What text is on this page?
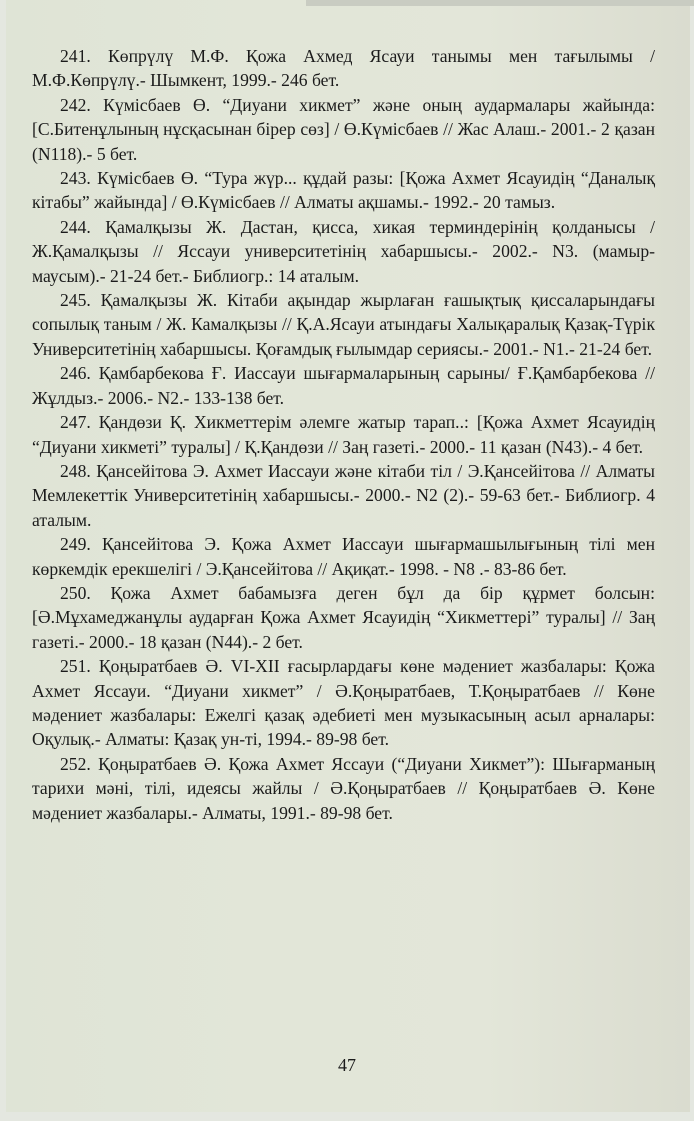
241. Көпрүлү М.Ф. Қожа Ахмед Ясауи танымы мен тағылымы / М.Ф.Көпрүлү.- Шымкент, 1999.- 246 бет.

242. Күмісбаев Ө. “Диуани хикмет” және оның аудармалары жайында: [С.Битенұлының нұсқасынан бірер сөз] / Ө.Күмісбаев // Жас Алаш.- 2001.- 2 қазан (N118).- 5 бет.

243. Күмісбаев Ө. “Тура жүр... құдай разы: [Қожа Ахмет Ясауидің “Даналық кітабы” жайында] / Ө.Күмісбаев // Алматы ақшамы.- 1992.- 20 тамыз.

244. Қамалқызы Ж. Дастан, қисса, хикая терминдерінің қолданысы / Ж.Қамалқызы // Яссауи университетінің хабаршысы.- 2002.- N3. (мамыр-маусым).- 21-24 бет.- Библиогр.: 14 аталым.

245. Қамалқызы Ж. Кітаби ақындар жырлаған ғашықтық қиссаларындағы сопылық таным / Ж. Камалқызы // Қ.А.Ясауи атындағы Халықаралық Қазақ-Түрік Университетінің хабаршысы. Қоғамдық ғылымдар сериясы.- 2001.- N1.- 21-24 бет.

246. Қамбарбекова Ғ. Иассауи шығармаларының сарыны/ Ғ.Қамбарбекова // Жұлдыз.- 2006.- N2.- 133-138 бет.

247. Қандөзи Қ. Хикметтерім әлемге жатыр тарап..: [Қожа Ахмет Ясауидің “Диуани хикметі” туралы] / Қ.Қандөзи // Заң газеті.- 2000.- 11 қазан (N43).- 4 бет.

248. Қансейітова Э. Ахмет Иассауи және кітаби тіл / Э.Қансейітова // Алматы Мемлекеттік Университетінің хабаршысы.- 2000.- N2 (2).- 59-63 бет.- Библиогр. 4 аталым.

249. Қансейітова Э. Қожа Ахмет Иассауи шығармашылығының тілі мен көркемдік ерекшелігі / Э.Қансейітова // Ақиқат.- 1998. - N8 .- 83-86 бет.

250. Қожа Ахмет бабамызға деген бұл да бір құрмет болсын: [Ә.Мұхамеджанұлы аударған Қожа Ахмет Ясауидің “Хикметтері” туралы] // Заң газеті.- 2000.- 18 қазан (N44).- 2 бет.

251. Қоңыратбаев Ә. VI-XII ғасырлардағы көне мәдениет жазбалары: Қожа Ахмет Яссауи. “Диуани хикмет” / Ә.Қоңыратбаев, Т.Қоңыратбаев // Көне мәдениет жазбалары: Ежелгі қазақ әдебиеті мен музыкасының асыл арналары: Оқулық.- Алматы: Қазақ ун-ті, 1994.- 89-98 бет.

252. Қоңыратбаев Ә. Қожа Ахмет Яссауи (“Диуани Хикмет”): Шығарманың тарихи мәні, тілі, идеясы жайлы / Ә.Қоңыратбаев // Қоңыратбаев Ә. Көне мәдениет жазбалары.- Алматы, 1991.- 89-98 бет.

47
